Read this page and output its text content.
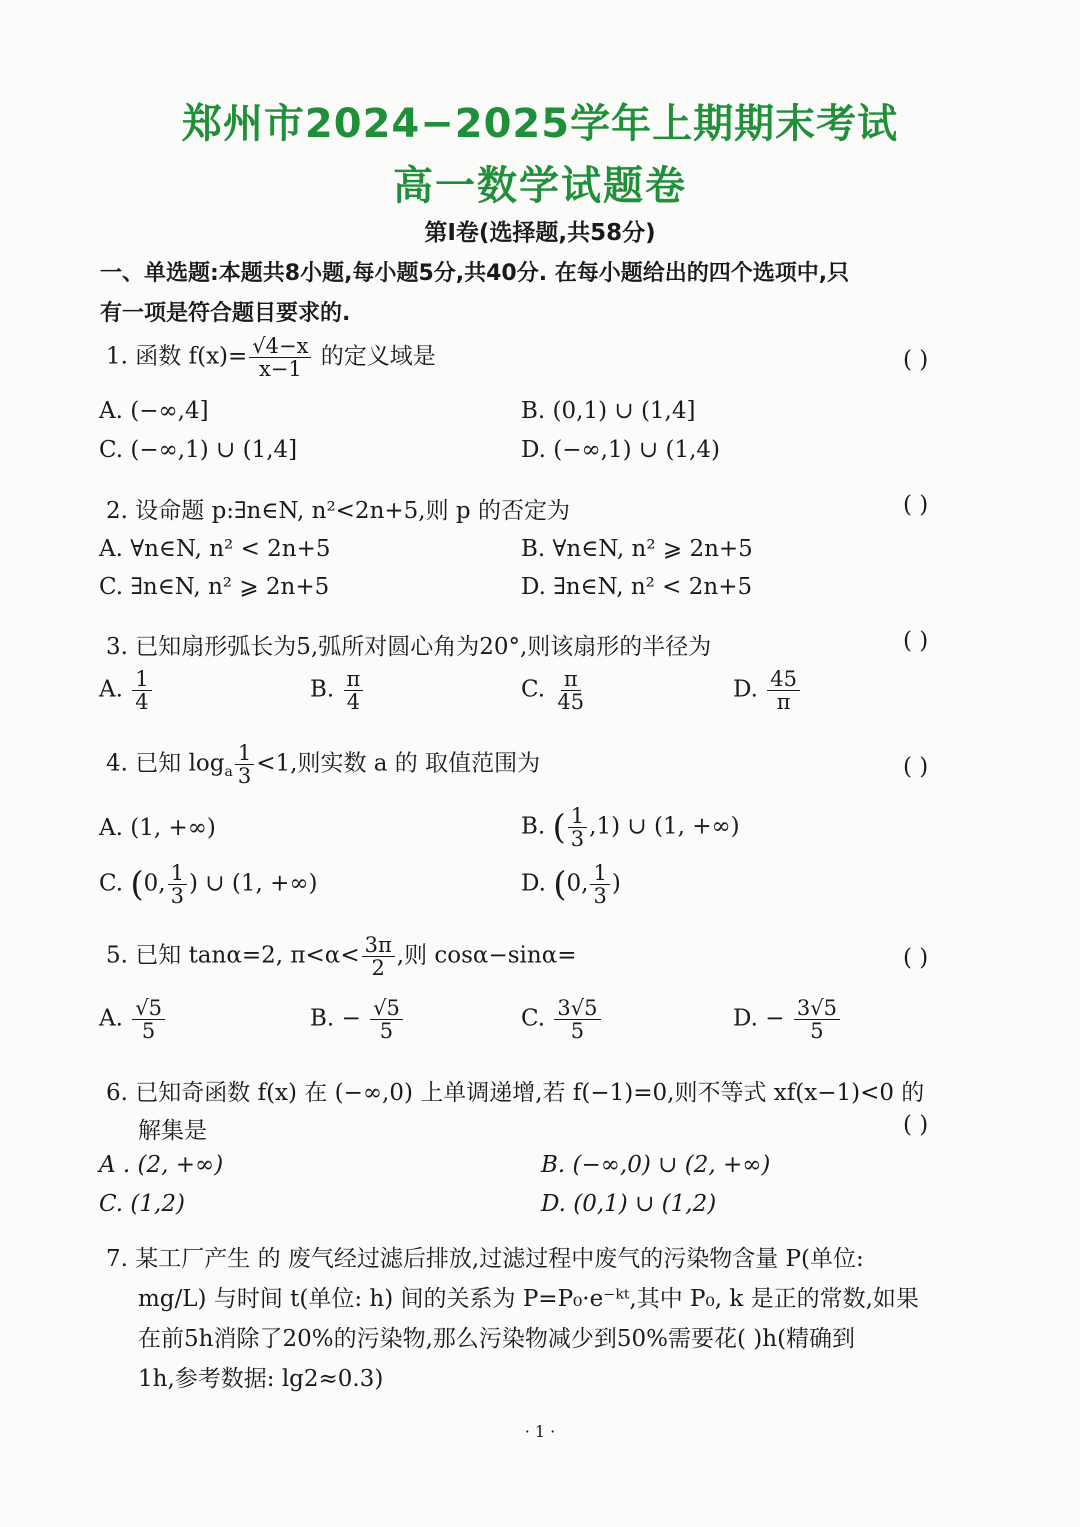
郑州市2024−2025学年上期期末考试
高一数学试题卷
第Ⅰ卷(选择题,共58分)
一、单选题:本题共8小题,每小题5分,共40分. 在每小题给出的四个选项中,只
有一项是符合题目要求的.
1. 函数 $f(x)= \frac{√4-x}{x-1}$ 的定义域是	( )
A. (−∞,4]	B. (0,1) ∪ (1,4]
C. (−∞,1) ∪ (1,4]	D. (−∞,1) ∪ (1,4)
2. 设命题 p:∃n∈N, n²<2n+5,则 p 的否定为	( )
A. ∀n∈N, n² < 2n+5	B. ∀n∈N, n² ⩾ 2n+5
C. ∃n∈N, n² ⩾ 2n+5	D. ∃n∈N, n² < 2n+5
3. 已知扇形弧长为5,弧所对圆心角为20°,则该扇形的半径为	( )
A. $\frac{1}{4}$	B. $\frac{\pi}{4}$	C. $\frac{\pi}{45}$	D. $\frac{45}{\pi}$
4. 已知 $\log_a \frac{1}{3} <1$,则实数 a 的 取值范围为	( )
A. (1, +∞)	B. ( $\frac{1}{3} ,1$) ∪ (1, +∞)
C. (0, $\frac{1}{3}$ ) ∪ (1, +∞)	D. (0, $\frac{1}{3}$ )
5. 已知 tanα=2, $\pi<\alpha< \frac{3\pi}{2}$ ,则 cosα−sinα=	( )
A. $\frac{√5}{5}$	B. − $\frac{√5}{5}$	C. $\frac{3√5}{5}$	D. − $\frac{3√5}{5}$
6. 已知奇函数 f(x) 在 (−∞,0) 上单调递增,若 f(−1)=0,则不等式 xf(x−1)<0 的
解集是	( )
A . (2, +∞)	B. (−∞,0) ∪ (2, +∞)
C. (1,2)	D. (0,1) ∪ (1,2)
7. 某工厂产生 的 废气经过滤后排放,过滤过程中废气的污染物含量 P(单位:
mg/L) 与时间 t(单位: h) 间的关系为 P=P₀·e⁻ᵏᵗ,其中 P₀, k 是正的常数,如果
在前5h消除了20%的污染物,那么污染物减少到50%需要花( )h(精确到
1h,参考数据: lg2≈0.3)
· 1 ·
